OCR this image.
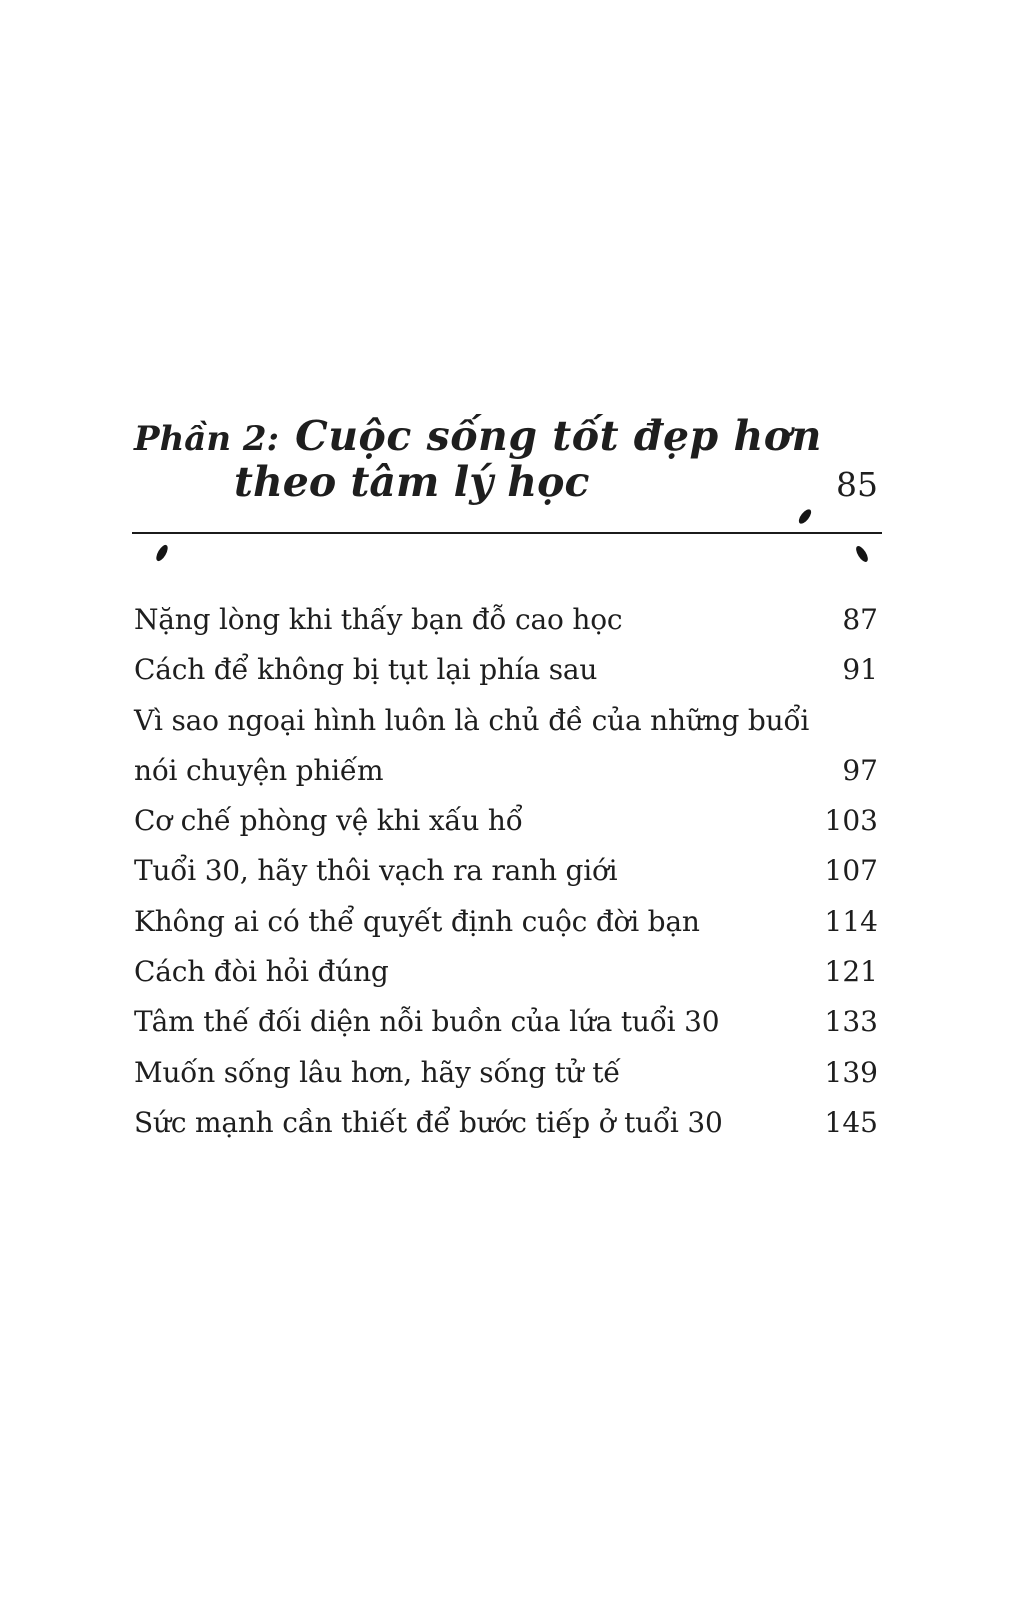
Phần 2: Cuộc sống tốt đẹp hơn
theo tâm lý học	85
Nặng lòng khi thấy bạn đỗ cao học	87
Cách để không bị tụt lại phía sau	91
Vì sao ngoại hình luôn là chủ đề của những buổi
nói chuyện phiếm	97
Cơ chế phòng vệ khi xấu hổ	103
Tuổi 30, hãy thôi vạch ra ranh giới	107
Không ai có thể quyết định cuộc đời bạn	114
Cách đòi hỏi đúng	121
Tâm thế đối diện nỗi buồn của lứa tuổi 30	133
Muốn sống lâu hơn, hãy sống tử tế	139
Sức mạnh cần thiết để bước tiếp ở tuổi 30	145
